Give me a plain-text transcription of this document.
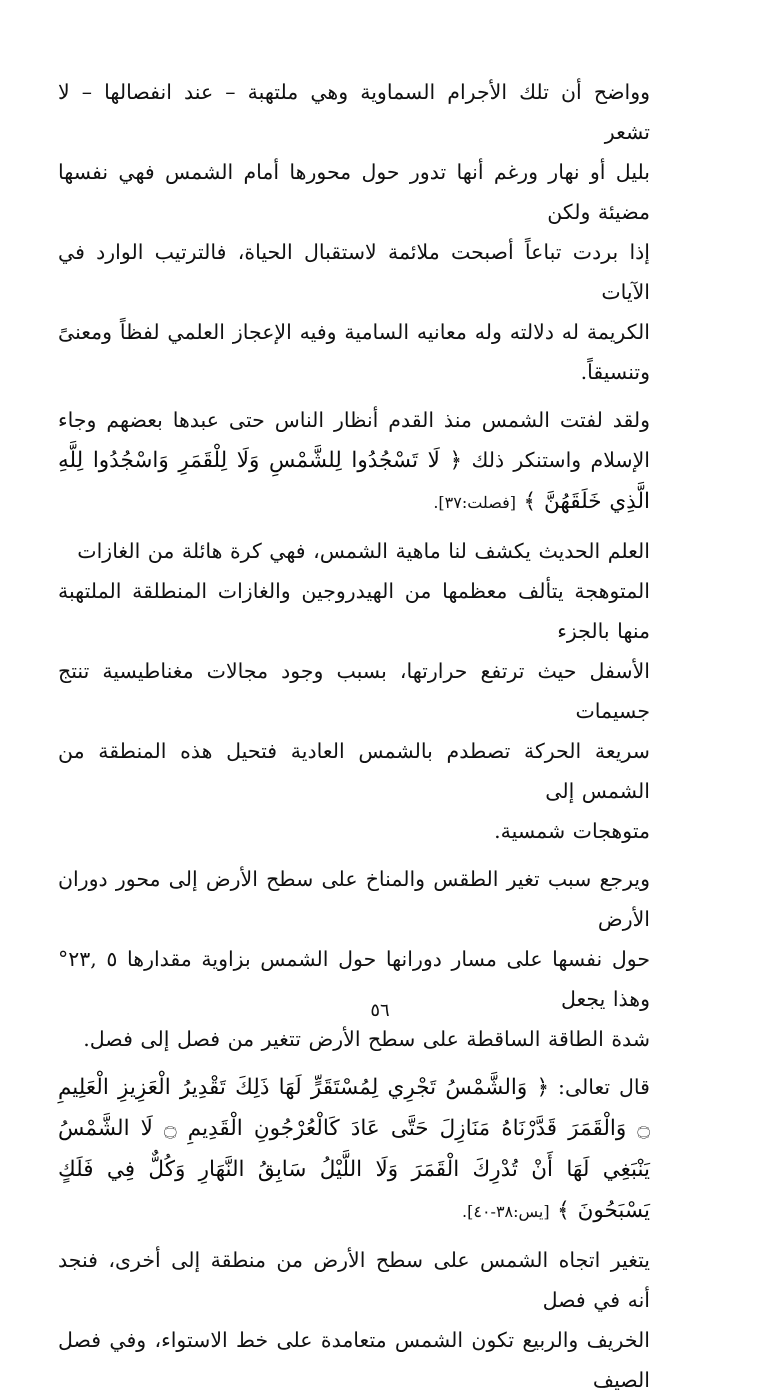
وواضح أن تلك الأجرام السماوية وهي ملتهبة – عند انفصالها – لا تشعر

بليل أو نهار ورغم أنها تدور حول محورها أمام الشمس فهي نفسها مضيئة ولكن

إذا بردت تباعاً أصبحت ملائمة لاستقبال الحياة، فالترتيب الوارد في الآيات

الكريمة له دلالته وله معانيه السامية وفيه الإعجاز العلمي لفظاً ومعنىً وتنسيقاً.

ولقد لفتت الشمس منذ القدم أنظار الناس حتى عبدها بعضهم وجاء الإسلام واستنكر ذلك ﴿ لَا تَسْجُدُوا لِلشَّمْسِ وَلَا لِلْقَمَرِ وَاسْجُدُوا لِلَّهِ الَّذِي خَلَقَهُنَّ ﴾ [فصلت:٣٧].

العلم الحديث يكشف لنا ماهية الشمس، فهي كرة هائلة من الغازات

المتوهجة يتألف معظمها من الهيدروجين والغازات المنطلقة الملتهبة منها بالجزء

الأسفل حيث ترتفع حرارتها، بسبب وجود مجالات مغناطيسية تنتج جسيمات

سريعة الحركة تصطدم بالشمس العادية فتحيل هذه المنطقة من الشمس إلى

متوهجات شمسية.

ويرجع سبب تغير الطقس والمناخ على سطح الأرض إلى محور دوران الأرض

حول نفسها على مسار دورانها حول الشمس بزاوية مقدارها ٥ ,٢٣° وهذا يجعل

شدة الطاقة الساقطة على سطح الأرض تتغير من فصل إلى فصل.

قال تعالى: ﴿ وَالشَّمْسُ تَجْرِي لِمُسْتَقَرٍّ لَهَا ذَلِكَ تَقْدِيرُ الْعَزِيزِ الْعَلِيمِ ۝ وَالْقَمَرَ قَدَّرْنَاهُ مَنَازِلَ حَتَّى عَادَ كَالْعُرْجُونِ الْقَدِيمِ ۝ لَا الشَّمْسُ يَنْبَغِي لَهَا أَنْ تُدْرِكَ الْقَمَرَ وَلَا اللَّيْلُ سَابِقُ النَّهَارِ وَكُلٌّ فِي فَلَكٍ يَسْبَحُونَ ﴾ [يس:٣٨-٤٠].

يتغير اتجاه الشمس على سطح الأرض من منطقة إلى أخرى، فنجد أنه في فصل

الخريف والربيع تكون الشمس متعامدة على خط الاستواء، وفي فصل الصيف

٥٦
